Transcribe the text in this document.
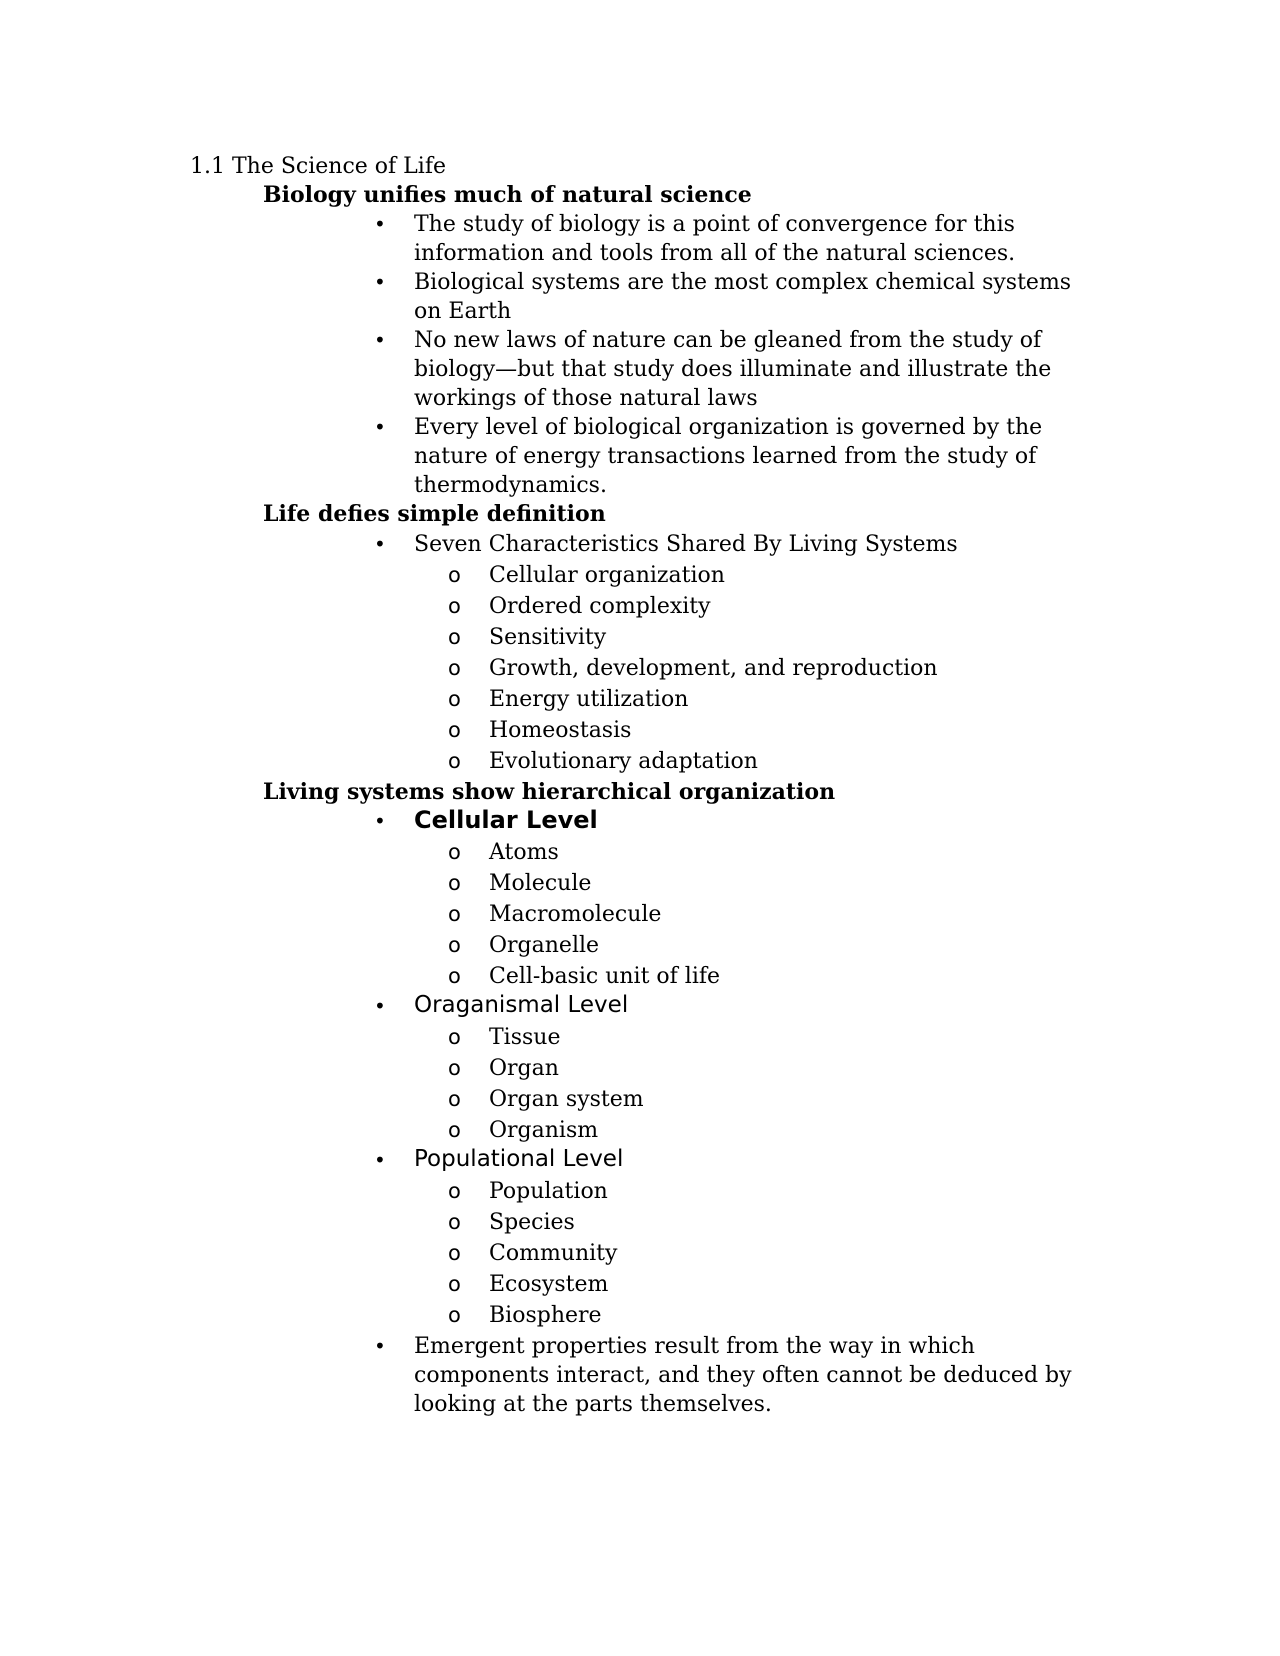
1.1 The Science of Life
Biology unifies much of natural science
•	The study of biology is a point of convergence for this information and tools from all of the natural sciences.
•	Biological systems are the most complex chemical systems on Earth
•	No new laws of nature can be gleaned from the study of biology—but that study does illuminate and illustrate the workings of those natural laws
•	Every level of biological organization is governed by the nature of energy transactions learned from the study of thermodynamics.
Life defies simple definition
•	Seven Characteristics Shared By Living Systems
o	Cellular organization
o	Ordered complexity
o	Sensitivity
o	Growth, development, and reproduction
o	Energy utilization
o	Homeostasis
o	Evolutionary adaptation
Living systems show hierarchical organization
•	Cellular Level
o	Atoms
o	Molecule
o	Macromolecule
o	Organelle
o	Cell-basic unit of life
•	Oraganismal Level
o	Tissue
o	Organ
o	Organ system
o	Organism
•	Populational Level
o	Population
o	Species
o	Community
o	Ecosystem
o	Biosphere
•	Emergent properties result from the way in which components interact, and they often cannot be deduced by looking at the parts themselves.
